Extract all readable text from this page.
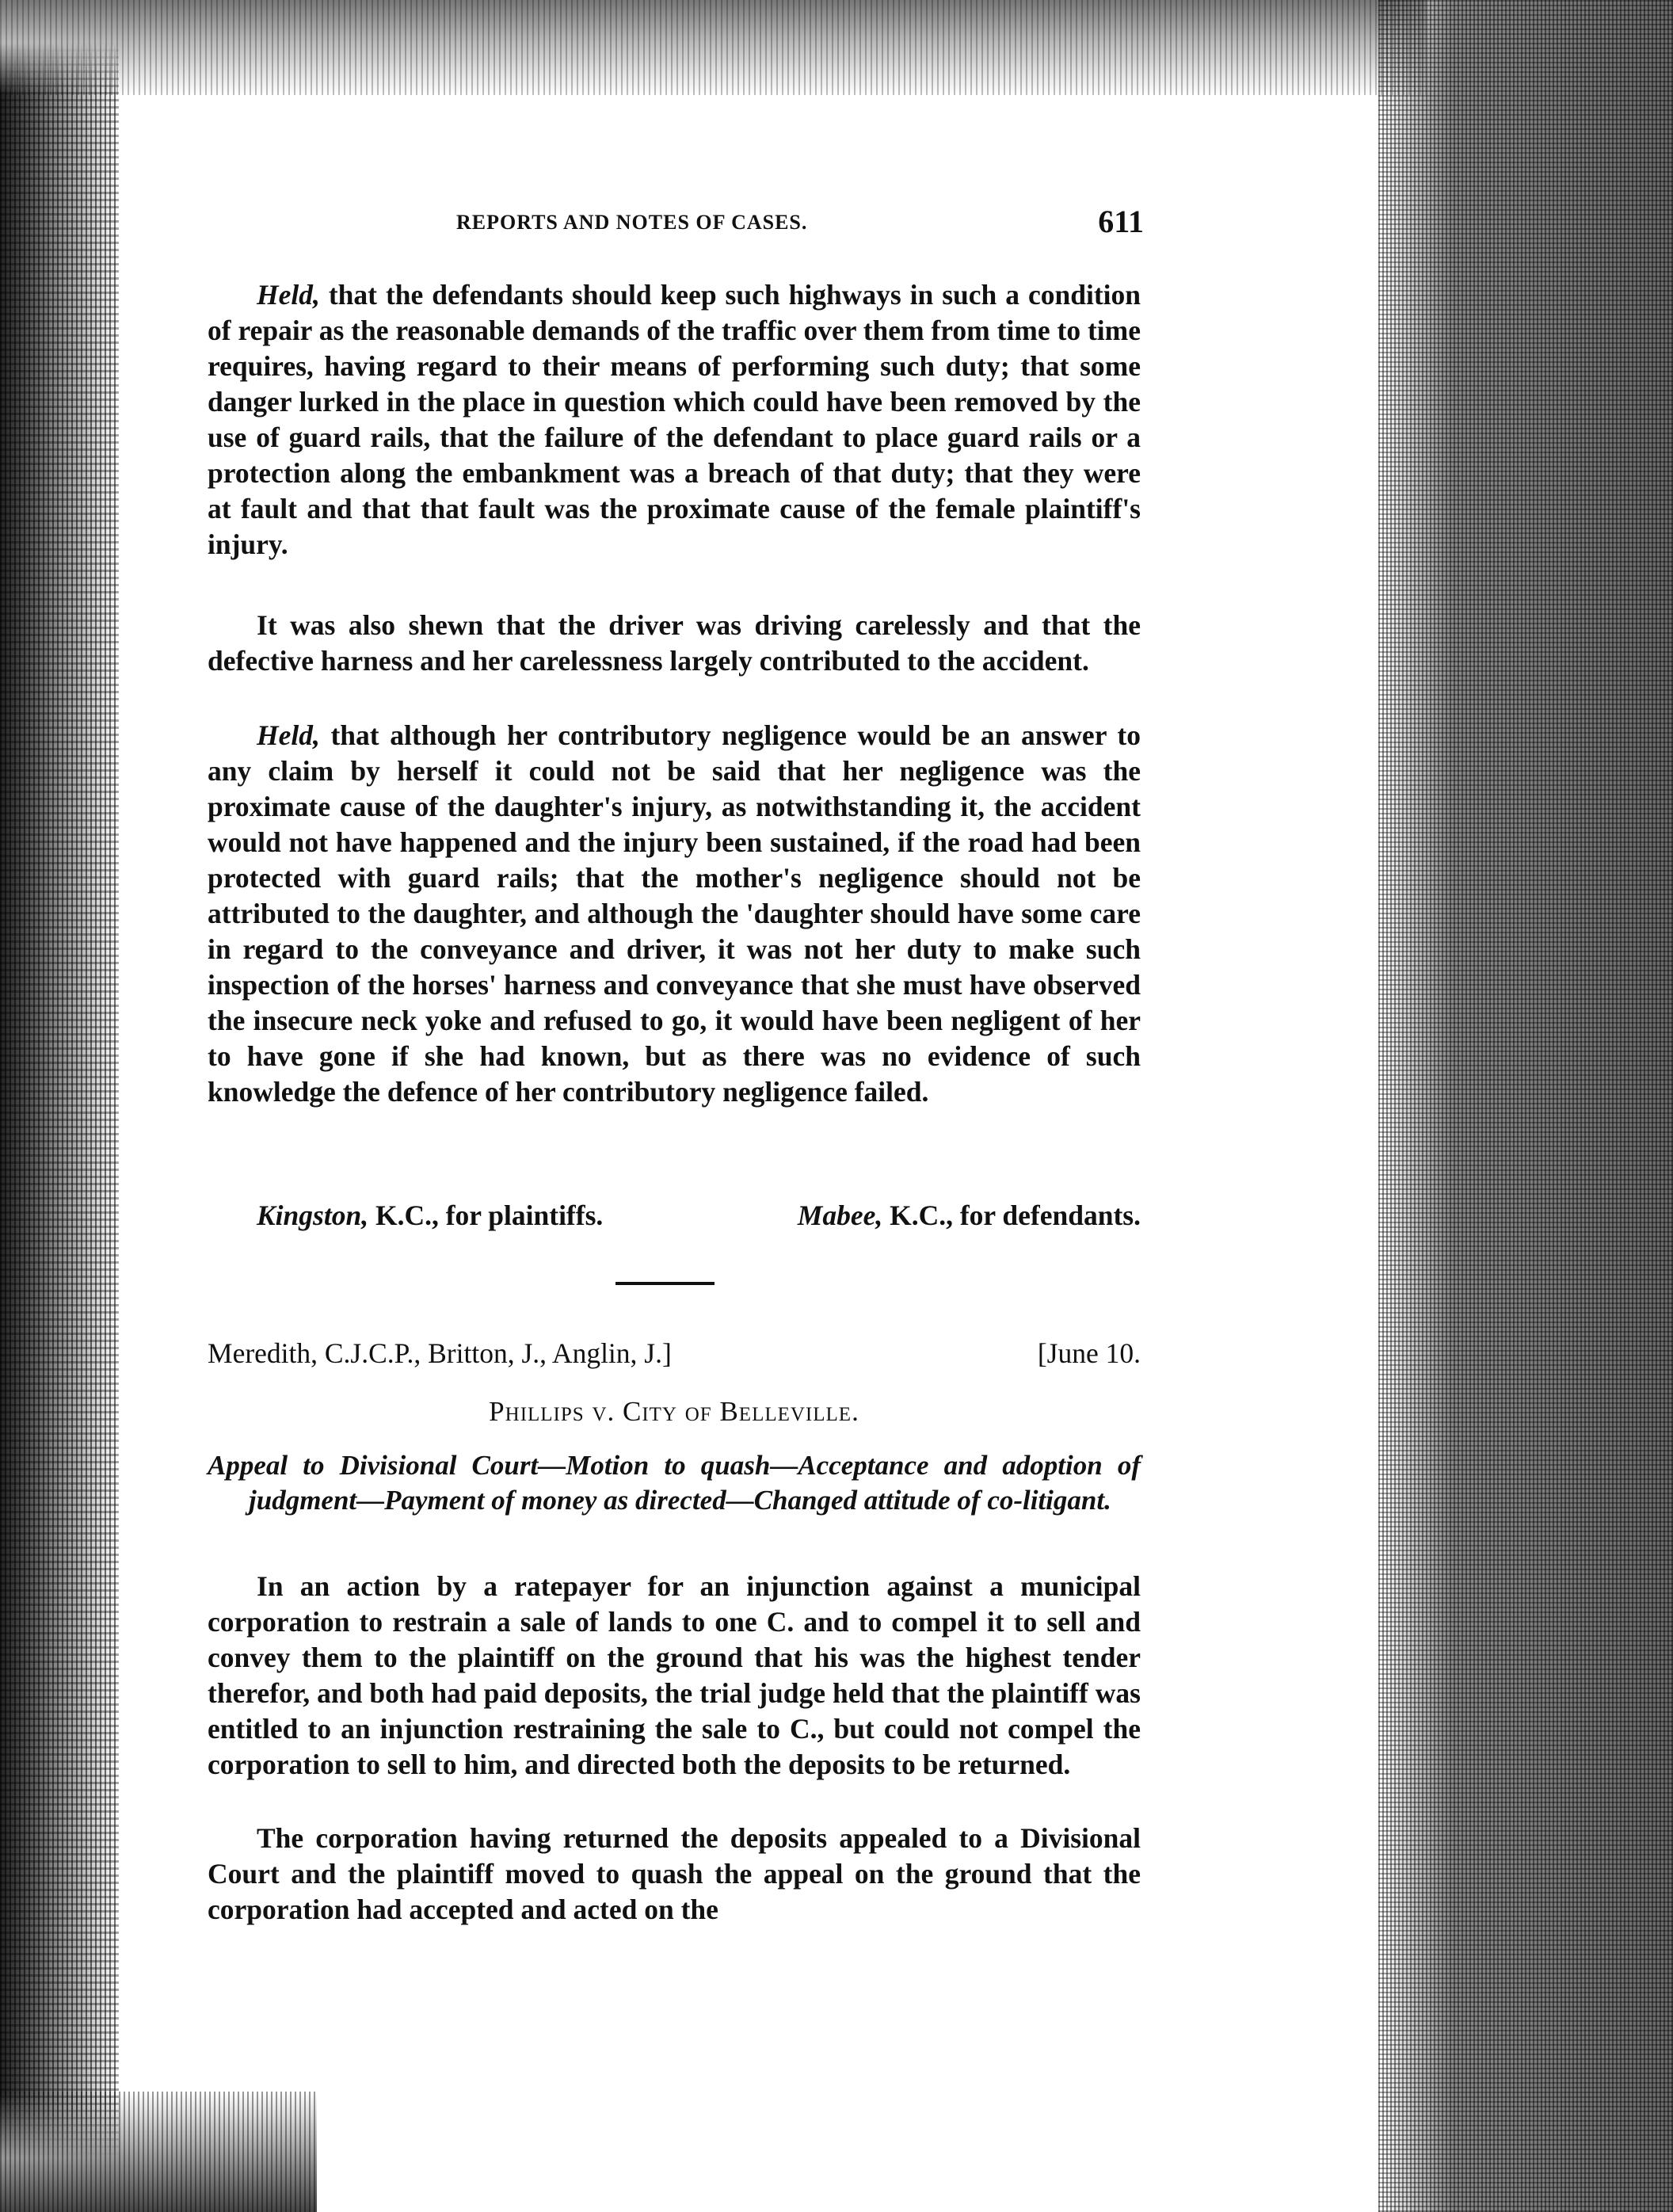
REPORTS AND NOTES OF CASES.	611

Held, that the defendants should keep such highways in such a condition of repair as the reasonable demands of the traffic over them from time to time requires, having regard to their means of performing such duty; that some danger lurked in the place in question which could have been removed by the use of guard rails, that the failure of the defendant to place guard rails or a protection along the embankment was a breach of that duty; that they were at fault and that that fault was the proximate cause of the female plaintiff's injury.

It was also shewn that the driver was driving carelessly and that the defective harness and her carelessness largely contributed to the accident.

Held, that although her contributory negligence would be an answer to any claim by herself it could not be said that her negligence was the proximate cause of the daughter's injury, as notwithstanding it, the accident would not have happened and the injury been sustained, if the road had been protected with guard rails; that the mother's negligence should not be attributed to the daughter, and although the 'daughter should have some care in regard to the conveyance and driver, it was not her duty to make such inspection of the horses' harness and conveyance that she must have observed the insecure neck yoke and refused to go, it would have been negligent of her to have gone if she had known, but as there was no evidence of such knowledge the defence of her contributory negligence failed.

Kingston, K.C., for plaintiffs.	Mabee, K.C., for defendants.
Meredith, C.J.C.P., Britton, J., Anglin, J.]	[June 10.
Phillips v. City of Belleville.
Appeal to Divisional Court—Motion to quash—Acceptance and adoption of judgment—Payment of money as directed—Changed attitude of co-litigant.

In an action by a ratepayer for an injunction against a municipal corporation to restrain a sale of lands to one C. and to compel it to sell and convey them to the plaintiff on the ground that his was the highest tender therefor, and both had paid deposits, the trial judge held that the plaintiff was entitled to an injunction restraining the sale to C., but could not compel the corporation to sell to him, and directed both the deposits to be returned.

The corporation having returned the deposits appealed to a Divisional Court and the plaintiff moved to quash the appeal on the ground that the corporation had accepted and acted on the
